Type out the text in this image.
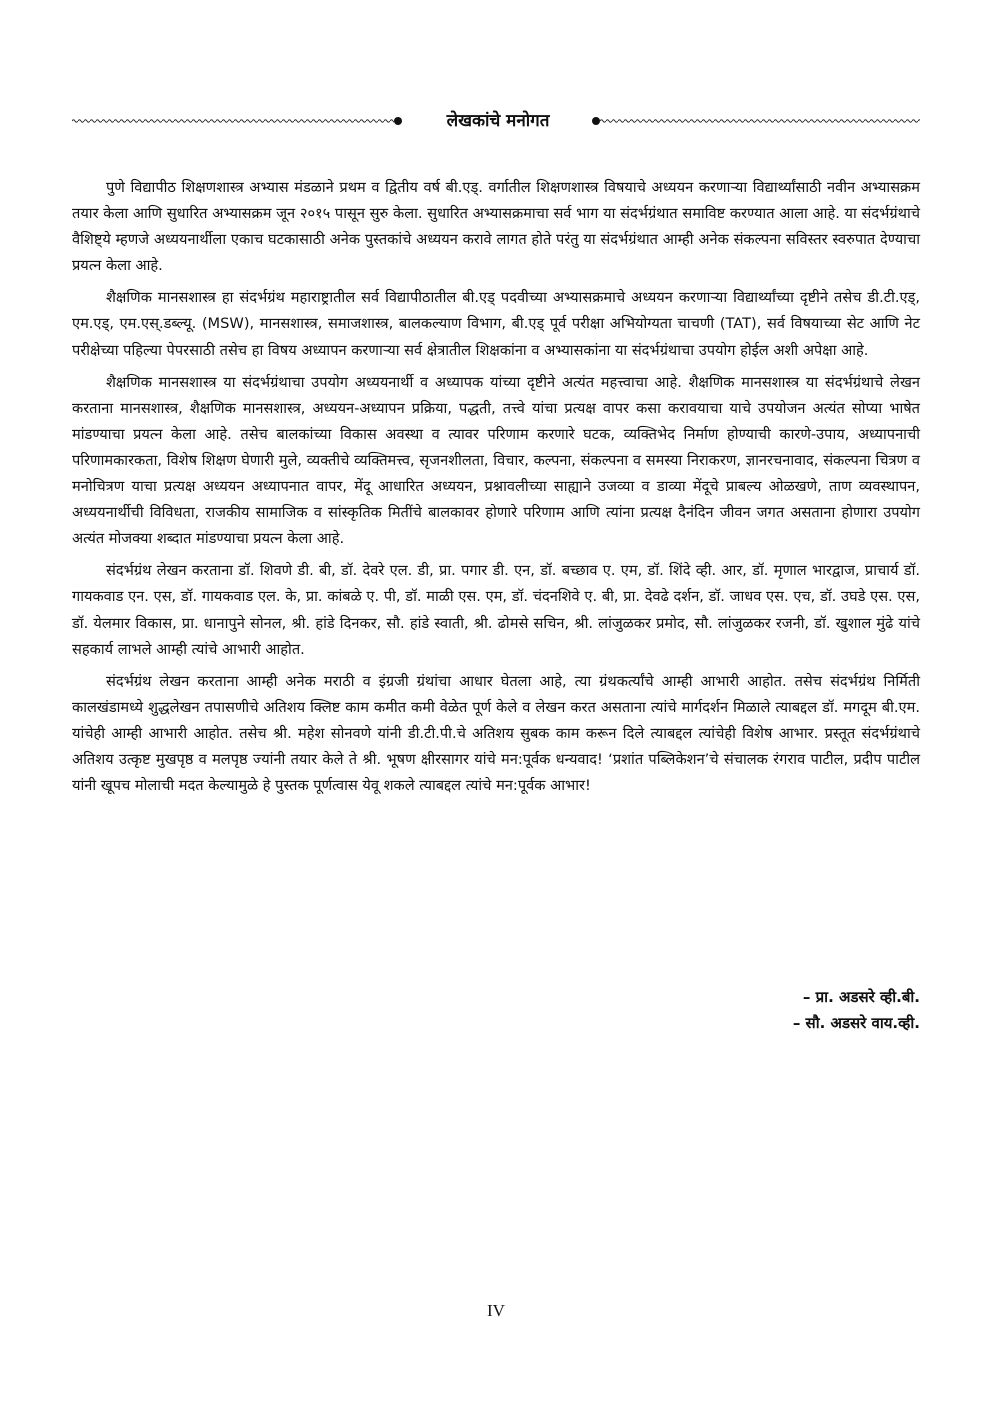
लेखकांचे मनोगत

पुणे विद्यापीठ शिक्षणशास्त्र अभ्यास मंडळाने प्रथम व द्वितीय वर्ष बी.एड्. वर्गातील शिक्षणशास्त्र विषयाचे अध्ययन करणाऱ्या विद्यार्थ्यांसाठी नवीन अभ्यासक्रम तयार केला आणि सुधारित अभ्यासक्रम जून २०१५ पासून सुरु केला. सुधारित अभ्यासक्रमाचा सर्व भाग या संदर्भग्रंथात समाविष्ट करण्यात आला आहे. या संदर्भग्रंथाचे वैशिष्ट्ये म्हणजे अध्ययनार्थीला एकाच घटकासाठी अनेक पुस्तकांचे अध्ययन करावे लागत होते परंतु या संदर्भग्रंथात आम्ही अनेक संकल्पना सविस्तर स्वरुपात देण्याचा प्रयत्न केला आहे.

शैक्षणिक मानसशास्त्र हा संदर्भग्रंथ महाराष्ट्रातील सर्व विद्यापीठातील बी.एड् पदवीच्या अभ्यासक्रमाचे अध्ययन करणाऱ्या विद्यार्थ्यांच्या दृष्टीने तसेच डी.टी.एड्, एम.एड्, एम.एस्.डब्ल्यू. (MSW), मानसशास्त्र, समाजशास्त्र, बालकल्याण विभाग, बी.एड् पूर्व परीक्षा अभियोग्यता चाचणी (TAT), सर्व विषयाच्या सेट आणि नेट परीक्षेच्या पहिल्या पेपरसाठी तसेच हा विषय अध्यापन करणाऱ्या सर्व क्षेत्रातील शिक्षकांना व अभ्यासकांना या संदर्भग्रंथाचा उपयोग होईल अशी अपेक्षा आहे.

शैक्षणिक मानसशास्त्र या संदर्भग्रंथाचा उपयोग अध्ययनार्थी व अध्यापक यांच्या दृष्टीने अत्यंत महत्त्वाचा आहे. शैक्षणिक मानसशास्त्र या संदर्भग्रंथाचे लेखन करताना मानसशास्त्र, शैक्षणिक मानसशास्त्र, अध्ययन-अध्यापन प्रक्रिया, पद्धती, तत्त्वे यांचा प्रत्यक्ष वापर कसा करावयाचा याचे उपयोजन अत्यंत सोप्या भाषेत मांडण्याचा प्रयत्न केला आहे. तसेच बालकांच्या विकास अवस्था व त्यावर परिणाम करणारे घटक, व्यक्तिभेद निर्माण होण्याची कारणे-उपाय, अध्यापनाची परिणामकारकता, विशेष शिक्षण घेणारी मुले, व्यक्तीचे व्यक्तिमत्त्व, सृजनशीलता, विचार, कल्पना, संकल्पना व समस्या निराकरण, ज्ञानरचनावाद, संकल्पना चित्रण व मनोचित्रण याचा प्रत्यक्ष अध्ययन अध्यापनात वापर, मेंदू आधारित अध्ययन, प्रश्नावलीच्या साह्याने उजव्या व डाव्या मेंदूचे प्राबल्य ओळखणे, ताण व्यवस्थापन, अध्ययनार्थीची विविधता, राजकीय सामाजिक व सांस्कृतिक मितींचे बालकावर होणारे परिणाम आणि त्यांना प्रत्यक्ष दैनंदिन जीवन जगत असताना होणारा उपयोग अत्यंत मोजक्या शब्दात मांडण्याचा प्रयत्न केला आहे.

संदर्भग्रंथ लेखन करताना डॉ. शिवणे डी. बी, डॉ. देवरे एल. डी, प्रा. पगार डी. एन, डॉ. बच्छाव ए. एम, डॉ. शिंदे व्ही. आर, डॉ. मृणाल भारद्वाज, प्राचार्य डॉ. गायकवाड एन. एस, डॉ. गायकवाड एल. के, प्रा. कांबळे ए. पी, डॉ. माळी एस. एम, डॉ. चंदनशिवे ए. बी, प्रा. देवढे दर्शन, डॉ. जाधव एस. एच, डॉ. उघडे एस. एस, डॉ. येलमार विकास, प्रा. धानापुने सोनल, श्री. हांडे दिनकर, सौ. हांडे स्वाती, श्री. ढोमसे सचिन, श्री. लांजुळकर प्रमोद, सौ. लांजुळकर रजनी, डॉ. खुशाल मुंढे यांचे सहकार्य लाभले आम्ही त्यांचे आभारी आहोत.

संदर्भग्रंथ लेखन करताना आम्ही अनेक मराठी व इंग्रजी ग्रंथांचा आधार घेतला आहे, त्या ग्रंथकर्त्यांचे आम्ही आभारी आहोत. तसेच संदर्भग्रंथ निर्मिती कालखंडामध्ये शुद्धलेखन तपासणीचे अतिशय क्लिष्ट काम कमीत कमी वेळेत पूर्ण केले व लेखन करत असताना त्यांचे मार्गदर्शन मिळाले त्याबद्दल डॉ. मगदूम बी.एम. यांचेही आम्ही आभारी आहोत. तसेच श्री. महेश सोनवणे यांनी डी.टी.पी.चे अतिशय सुबक काम करून दिले त्याबद्दल त्यांचेही विशेष आभार. प्रस्तूत संदर्भग्रंथाचे अतिशय उत्कृष्ट मुखपृष्ठ व मलपृष्ठ ज्यांनी तयार केले ते श्री. भूषण क्षीरसागर यांचे मन:पूर्वक धन्यवाद! ‘प्रशांत पब्लिकेशन’चे संचालक रंगराव पाटील, प्रदीप पाटील यांनी खूपच मोलाची मदत केल्यामुळे हे पुस्तक पूर्णत्वास येवू शकले त्याबद्दल त्यांचे मन:पूर्वक आभार!

– प्रा. अडसरे व्ही.बी.
– सौ. अडसरे वाय.व्ही.
IV
